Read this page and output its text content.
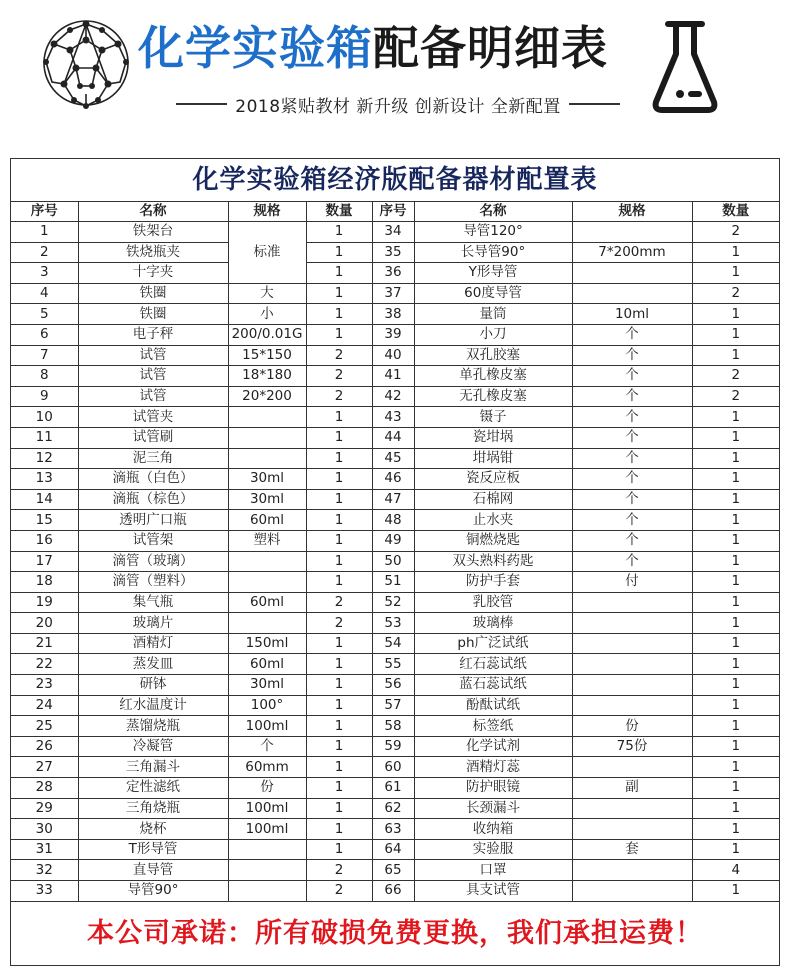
化学实验箱配备明细表
2018紧贴教材 新升级 创新设计 全新配置
化学实验箱经济版配备器材配置表
序号	名称	规格	数量	序号	名称	规格	数量
1	铁架台	标准	1	34	导管120°		2
2	铁烧瓶夹		1	35	长导管90°	7*200mm	1
3	十字夹		1	36	Y形导管		1
4	铁圈	大	1	37	60度导管		2
5	铁圈	小	1	38	量筒	10ml	1
6	电子秤	200/0.01G	1	39	小刀	个	1
7	试管	15*150	2	40	双孔胶塞	个	1
8	试管	18*180	2	41	单孔橡皮塞	个	2
9	试管	20*200	2	42	无孔橡皮塞	个	2
10	试管夹		1	43	镊子	个	1
11	试管刷		1	44	瓷坩埚	个	1
12	泥三角		1	45	坩埚钳	个	1
13	滴瓶（白色）	30ml	1	46	瓷反应板	个	1
14	滴瓶（棕色）	30ml	1	47	石棉网	个	1
15	透明广口瓶	60ml	1	48	止水夹	个	1
16	试管架	塑料	1	49	铜燃烧匙	个	1
17	滴管（玻璃）		1	50	双头熟料药匙	个	1
18	滴管（塑料）		1	51	防护手套	付	1
19	集气瓶	60ml	2	52	乳胶管		1
20	玻璃片		2	53	玻璃棒		1
21	酒精灯	150ml	1	54	ph广泛试纸		1
22	蒸发皿	60ml	1	55	红石蕊试纸		1
23	研钵	30ml	1	56	蓝石蕊试纸		1
24	红水温度计	100°	1	57	酚酞试纸		1
25	蒸馏烧瓶	100ml	1	58	标签纸	份	1
26	冷凝管	个	1	59	化学试剂	75份	1
27	三角漏斗	60mm	1	60	酒精灯蕊		1
28	定性滤纸	份	1	61	防护眼镜	副	1
29	三角烧瓶	100ml	1	62	长颈漏斗		1
30	烧杯	100ml	1	63	收纳箱		1
31	T形导管		1	64	实验服	套	1
32	直导管		2	65	口罩		4
33	导管90°		2	66	具支试管		1
本公司承诺：所有破损免费更换，我们承担运费！
